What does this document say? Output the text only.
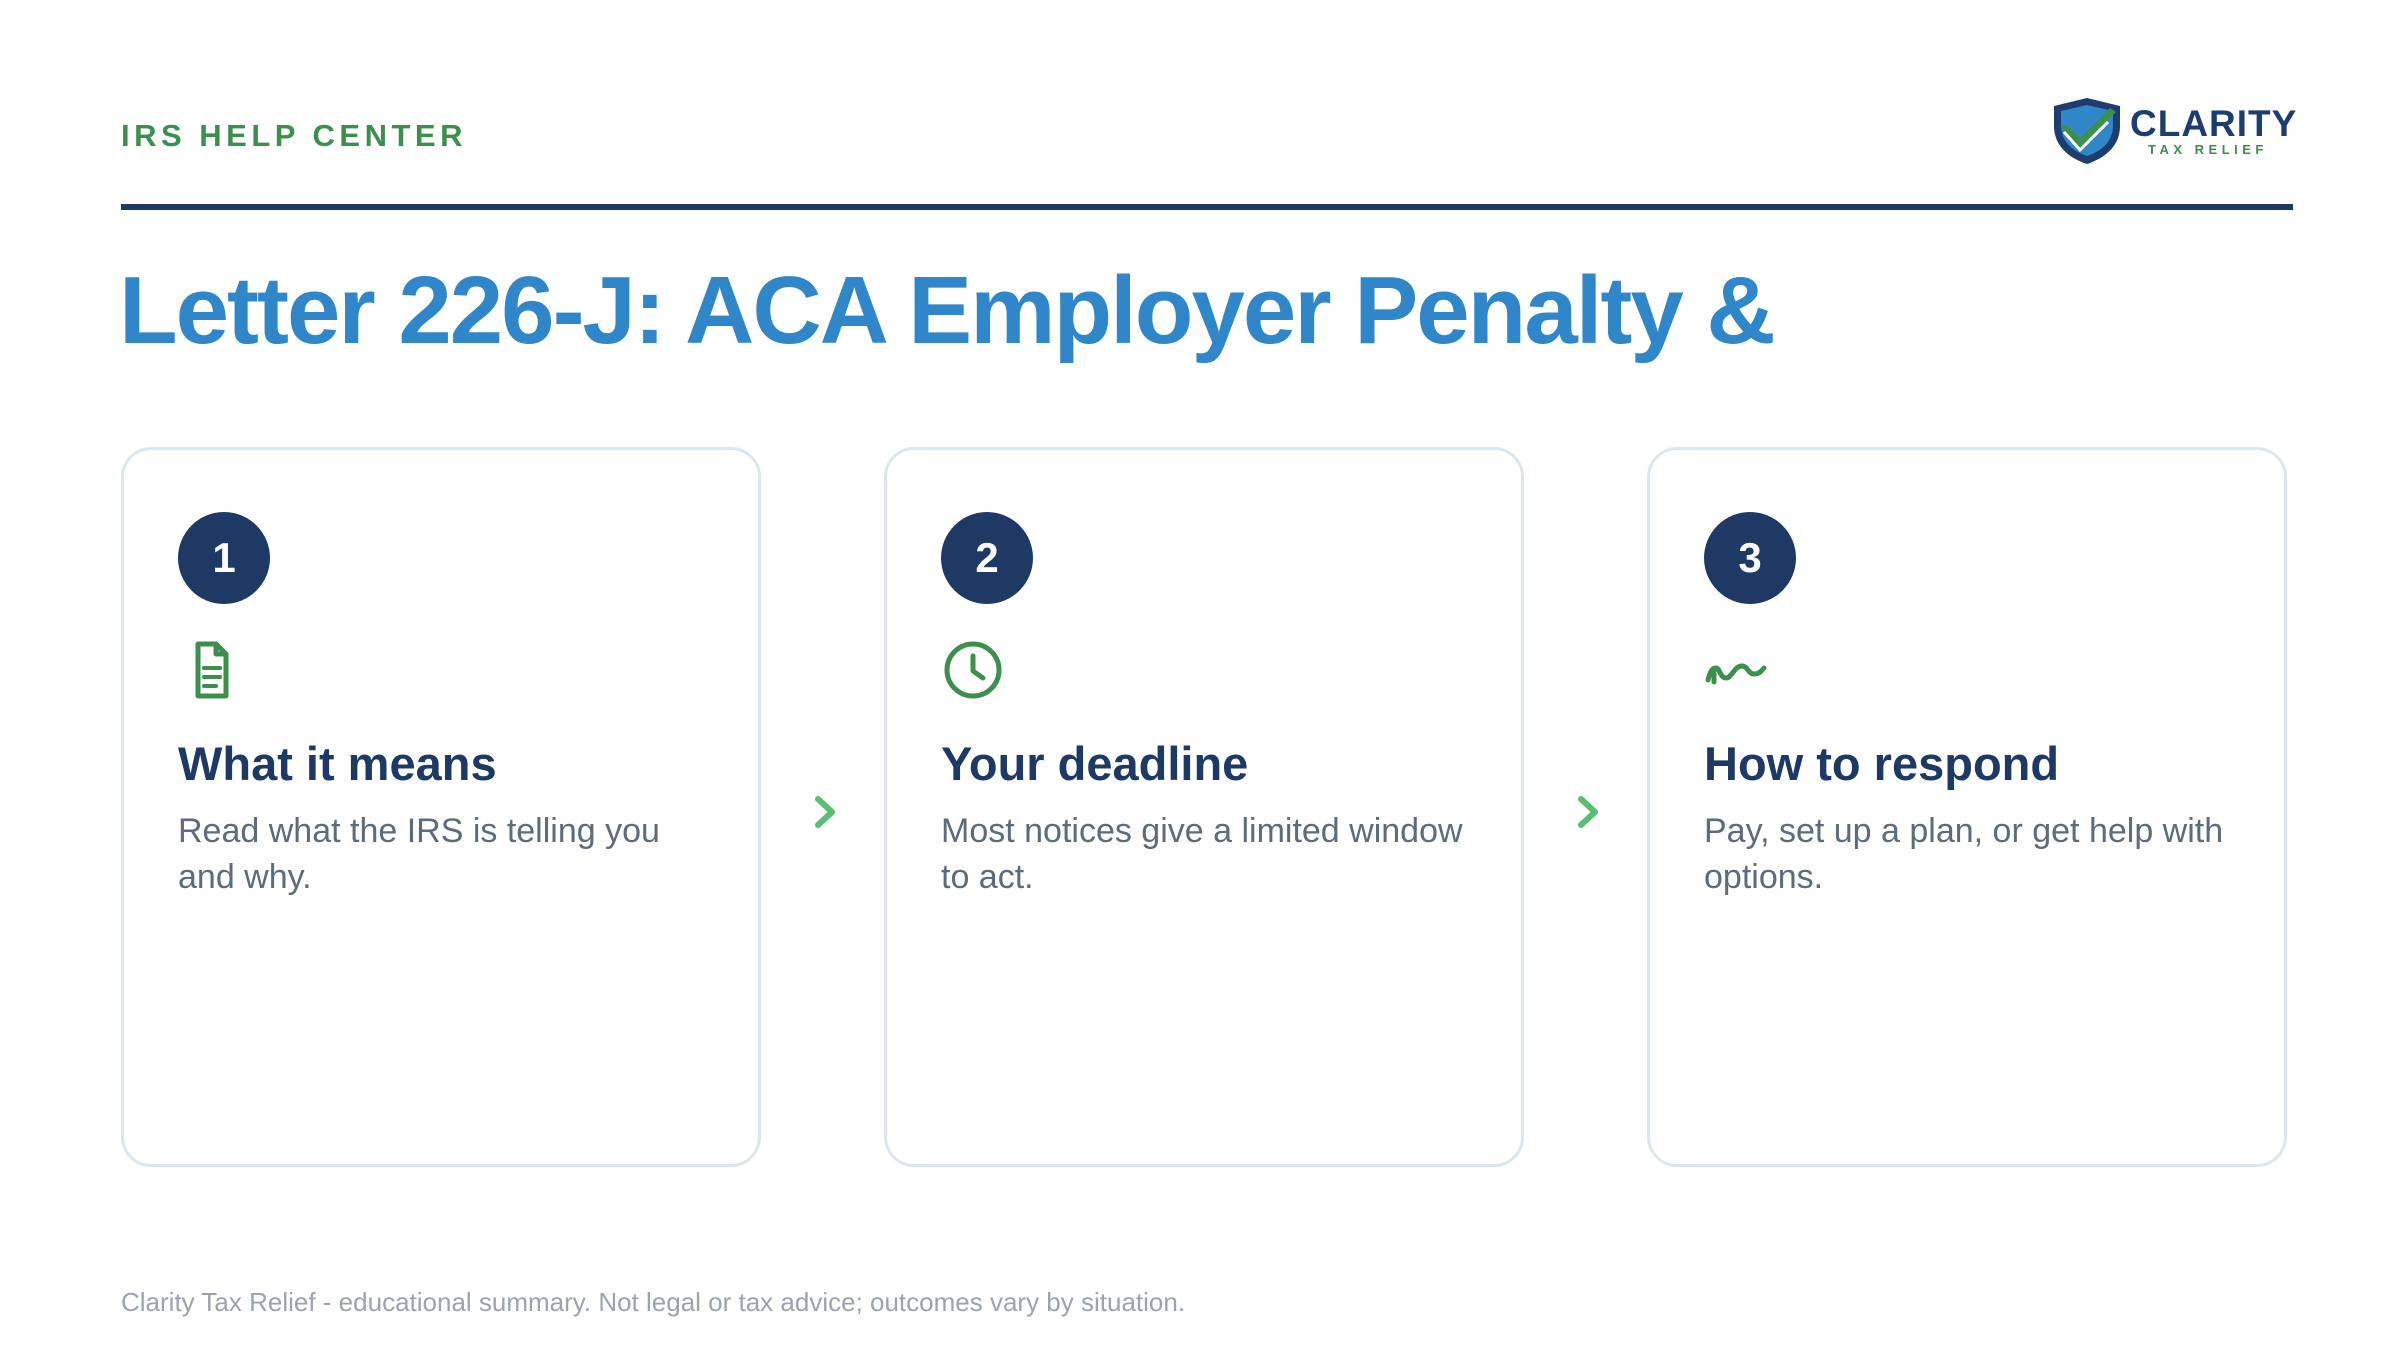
IRS HELP CENTER	CLARITY
TAX RELIEF
Letter 226-J: ACA Employer Penalty &
1
What it means
Read what the IRS is telling you and why.
2
Your deadline
Most notices give a limited window to act.
3
How to respond
Pay, set up a plan, or get help with options.
Clarity Tax Relief - educational summary. Not legal or tax advice; outcomes vary by situation.
